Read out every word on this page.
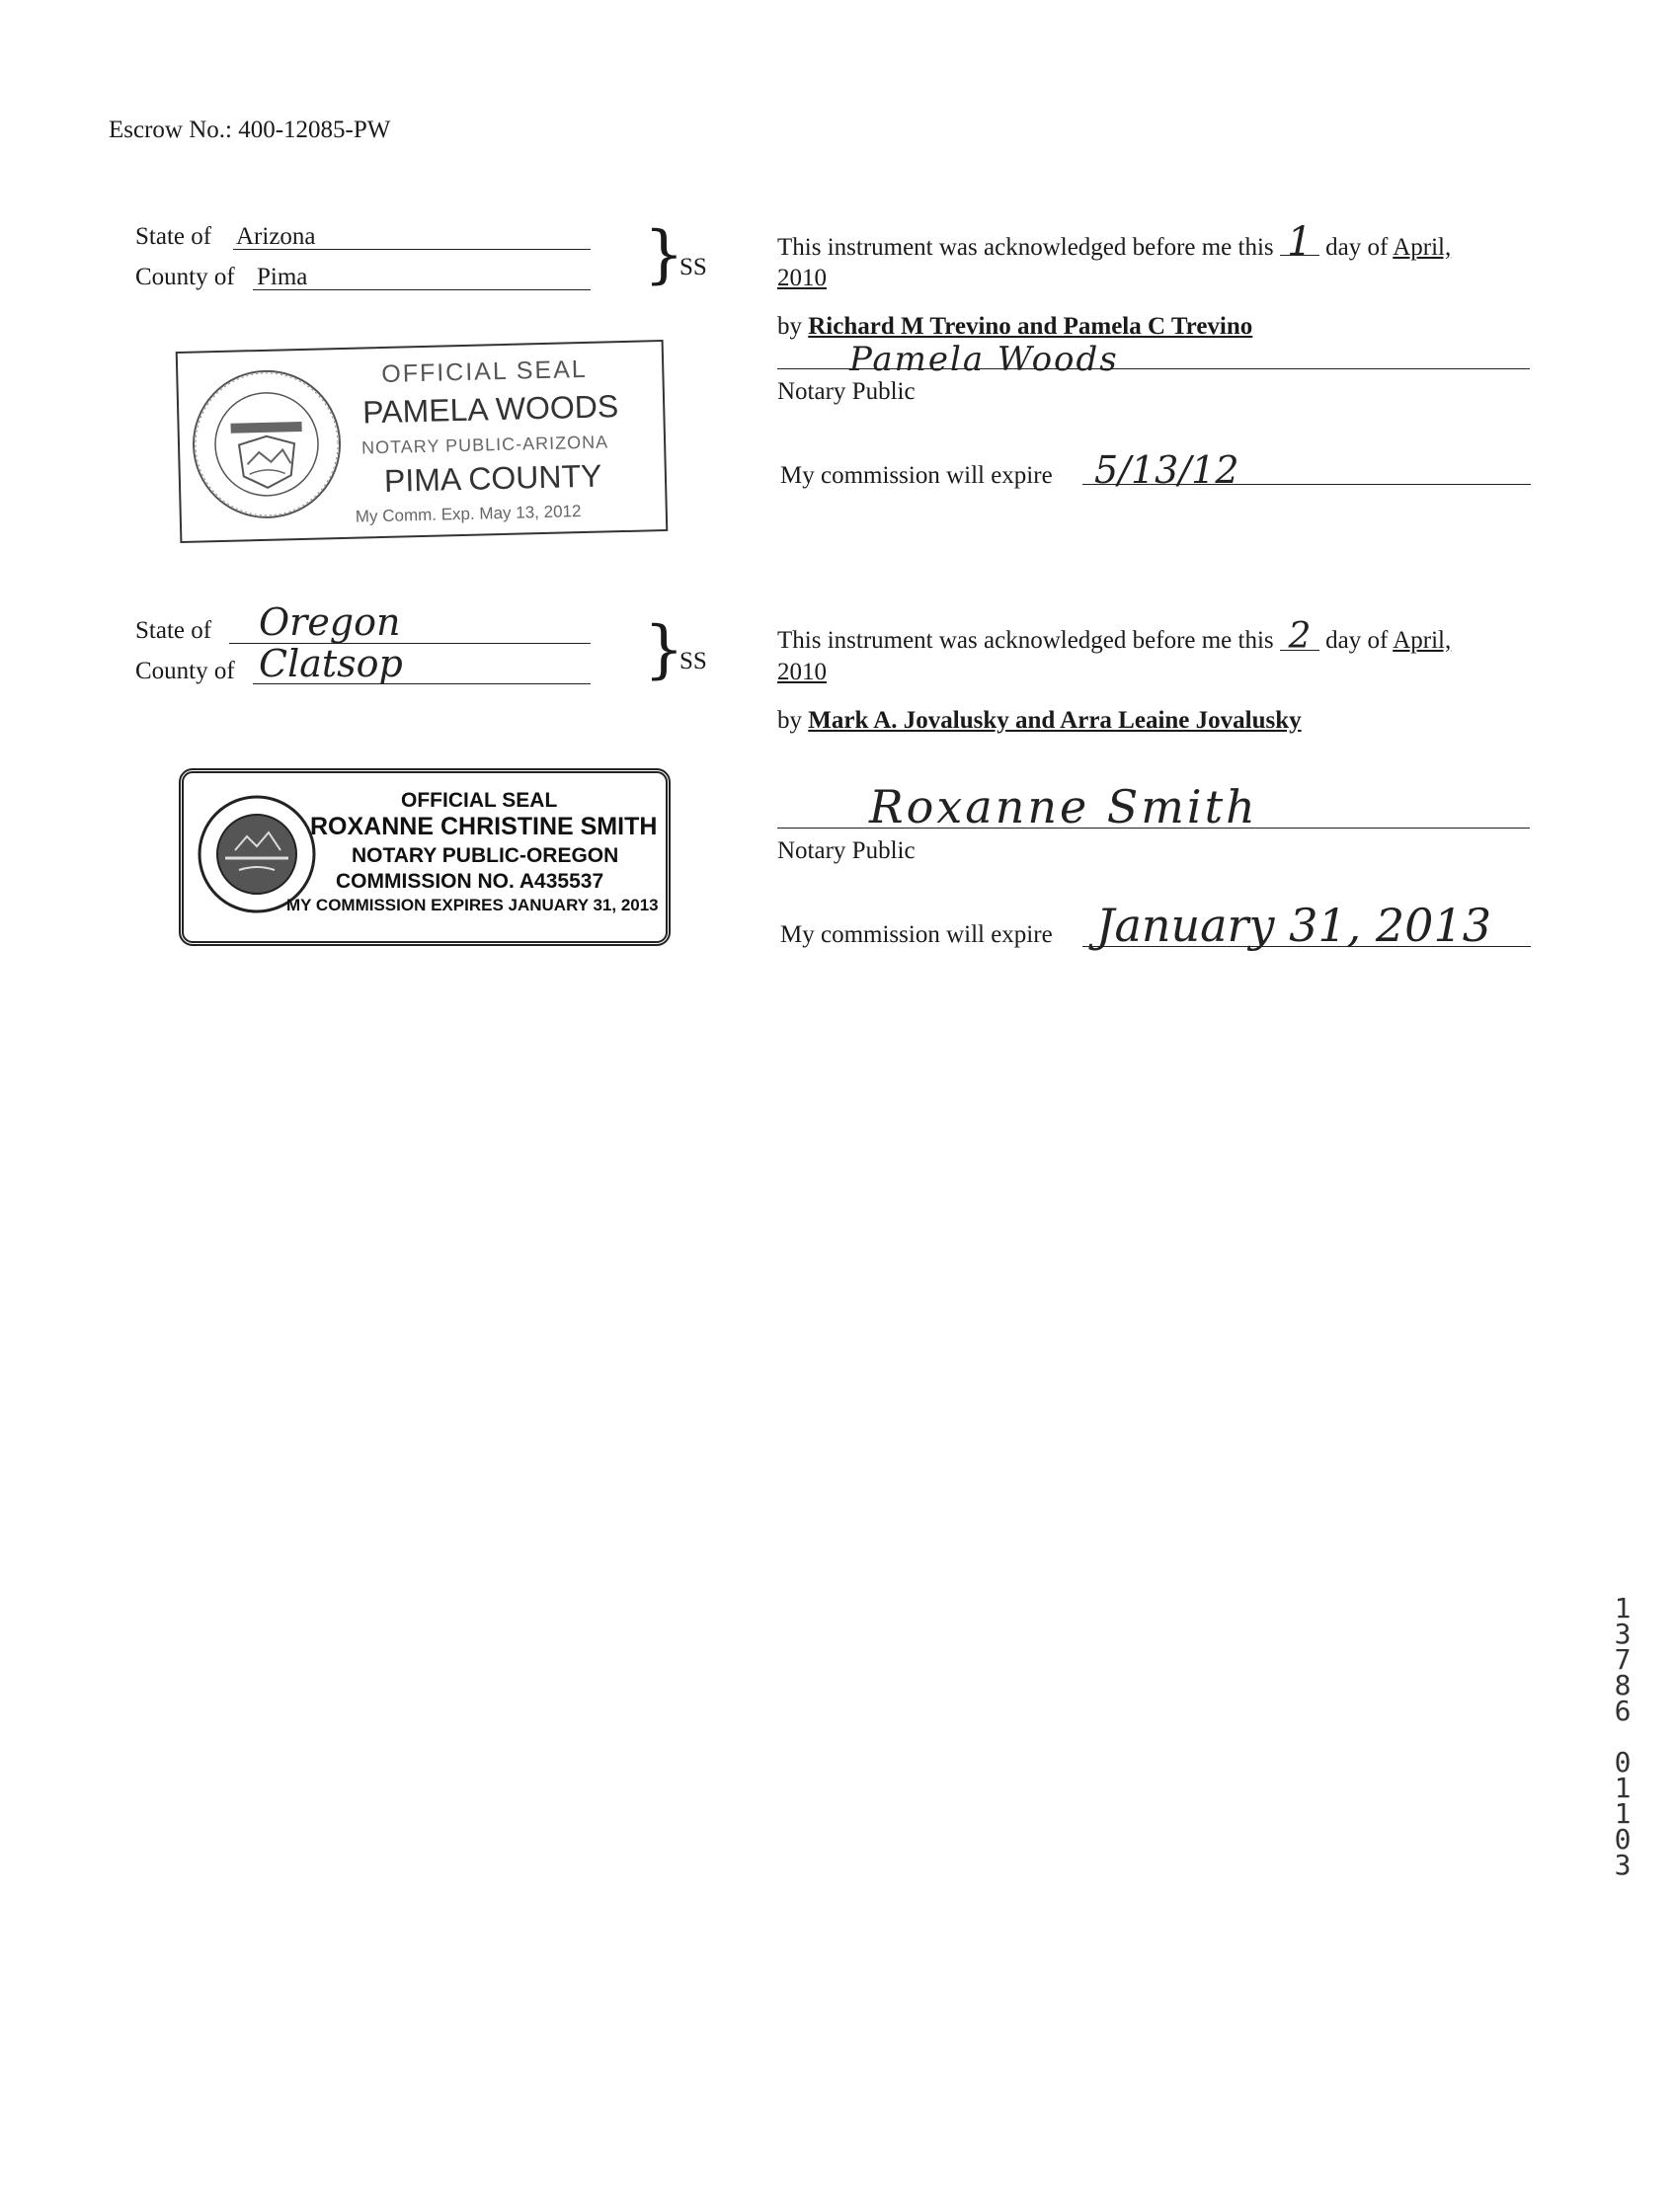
Escrow No.: 400-12085-PW
State of Arizona
County of Pima	}
SS
This instrument was acknowledged before me this 1 day of April,
2010
by Richard M Trevino and Pamela C Trevino
Pamela Woods
Notary Public
My commission will expire 5/13/12
OFFICIAL SEAL
PAMELA WOODS
NOTARY PUBLIC-ARIZONA
PIMA COUNTY
My Comm. Exp. May 13, 2012
State of Oregon
County of Clatsop	}
SS
This instrument was acknowledged before me this 2 day of April,
2010
by Mark A. Jovalusky and Arra Leaine Jovalusky
Roxanne Smith
Notary Public
My commission will expire January 31, 2013
OFFICIAL SEAL
ROXANNE CHRISTINE SMITH
NOTARY PUBLIC-OREGON
COMMISSION NO. A435537
MY COMMISSION EXPIRES JANUARY 31, 2013
1
3
7
8
6
0
1
1
0
3
